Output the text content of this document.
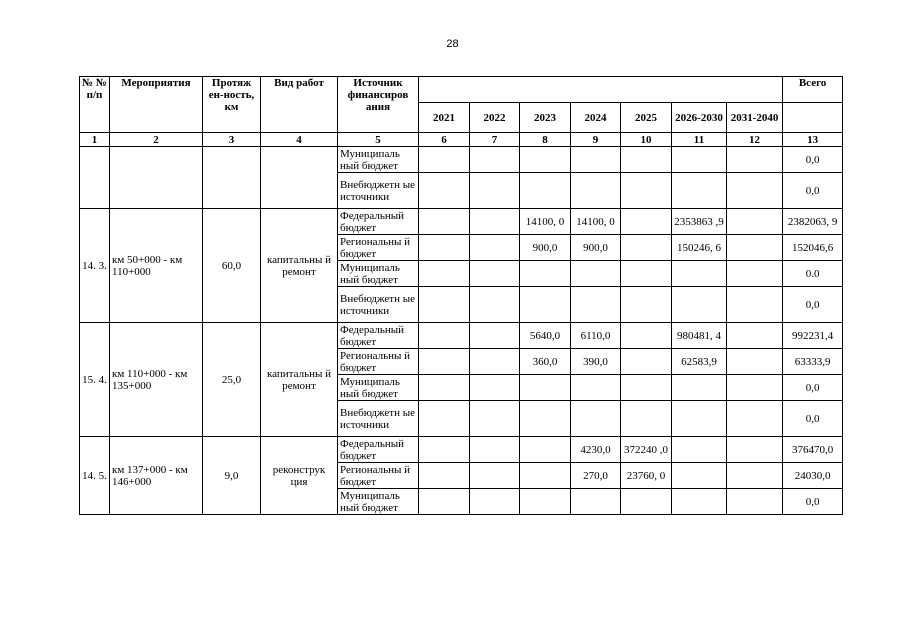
28
№ № п/п	Мероприятия	Протяж ен-ность, км	Вид работ	Источник финансиров ания								Всего
					2021	2022	2023	2024	2025	2026-2030	2031-2040	
1	2	3	4	5	6	7	8	9	10	11	12	13
				Муниципаль ный бюджет								0,0
				Внебюджетн ые источники								0,0
14. 3.	км 50+000 - км 110+000	60,0	капитальны й ремонт	Федеральный бюджет			14100, 0	14100, 0		2353863 ,9		2382063, 9
				Региональны й бюджет			900,0	900,0		150246, 6		152046,6
				Муниципаль ный бюджет								0.0
				Внебюджетн ые источники								0,0
15. 4.	км 110+000 - км 135+000	25,0	капитальны й ремонт	Федеральный бюджет			5640,0	6110,0		980481, 4		992231,4
				Региональны й бюджет			360,0	390,0		62583,9		63333,9
				Муниципаль ный бюджет								0,0
				Внебюджетн ые источники								0,0
14. 5.	км 137+000 - км 146+000	9,0	реконструк ция	Федеральный бюджет				4230,0	372240 ,0			376470,0
				Региональны й бюджет				270,0	23760, 0			24030,0
				Муниципаль ный бюджет								0,0
